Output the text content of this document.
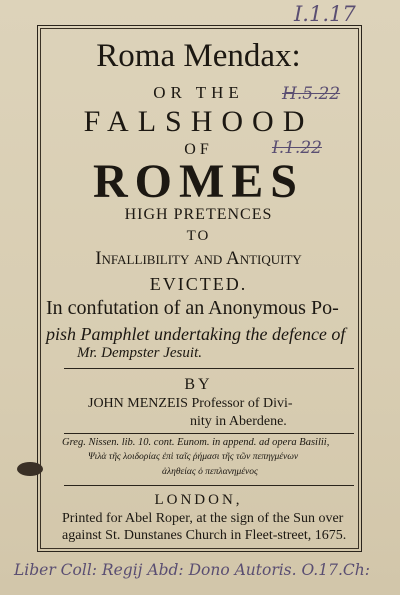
I.1.17
H.5.22
I.1.22
Roma Mendax:
OR THE
FALSHOOD
OF
ROMES
HIGH PRETENCES
TO
Infallibility and Antiquity
EVICTED.
In confutation of an Anonymous Po-
pish Pamphlet undertaking the defence of
Mr. Dempster Jesuit.
BY
JOHN MENZEIS Professor of Divi-
nity in Aberdene.
Greg. Nissen. lib. 10. cont. Eunom. in append. ad opera Basilii,
Ψιλὰ τῆς λοιδορίας ἐπὶ ταῖς ῥήμασι τῆς τῶν πεπηγμένων
ἀληθείας ὁ πεπλανημένος
LONDON,
Printed for Abel Roper, at the sign of the Sun over
against St. Dunstanes Church in Fleet-street, 1675.
Liber Coll: Regij Abd: Dono Autoris. O.17.Ch:
